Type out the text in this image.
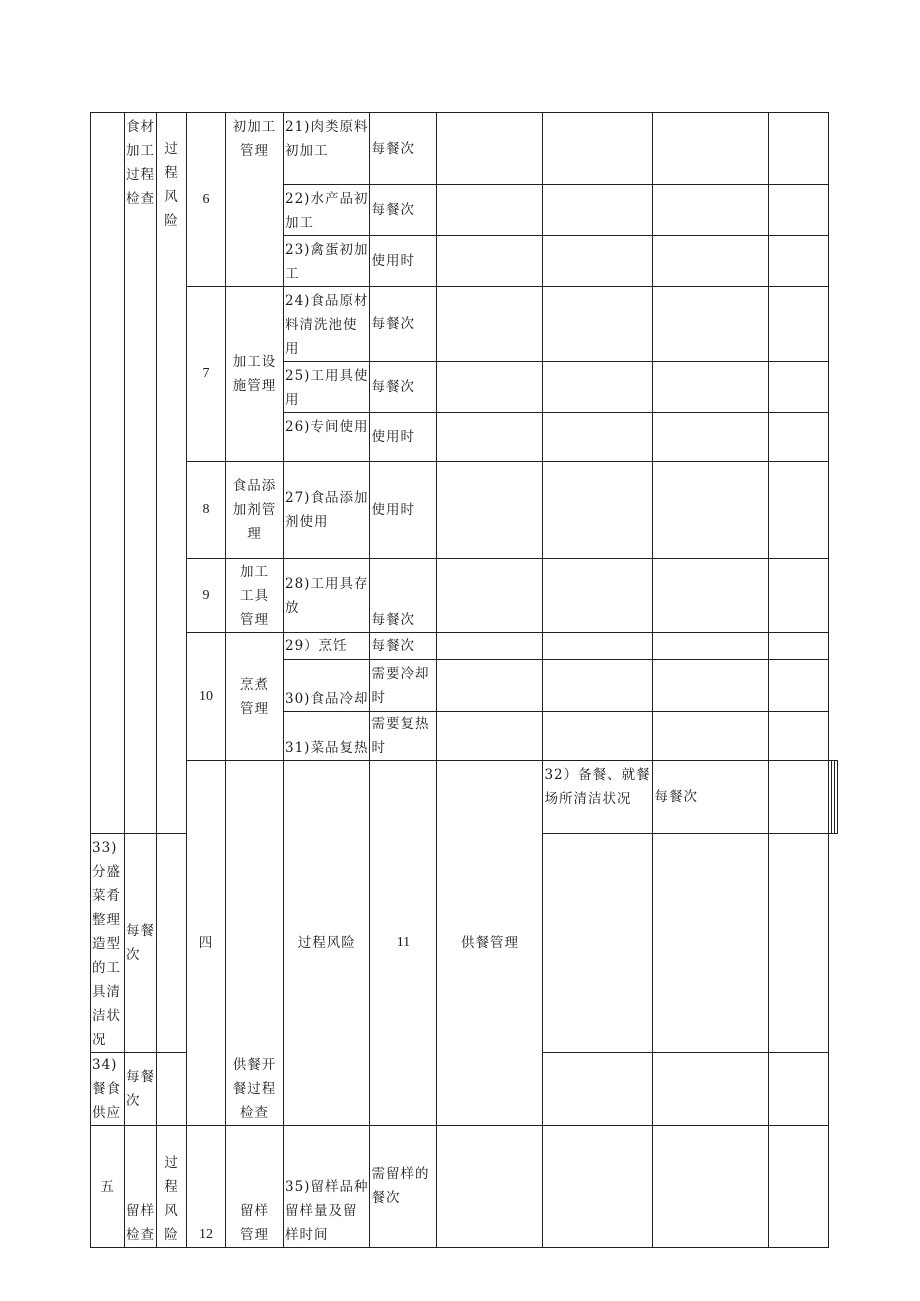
	食材加工过程检查	过程风险	6	初加工管理	21)肉类原料初加工	每餐次							
					22)水产品初加工	每餐次							
					23)禽蛋初加工	使用时							
			7	加工设施管理	24)食品原材料清洗池使用	每餐次							
					25)工用具使用	每餐次							
					26)专间使用	使用时							
			8	食品添加剂管理	27)食品添加剂使用	使用时							
			9	加工工具管理	28)工用具存放	每餐次							
			10	烹煮管理	29）烹饪	每餐次							
					30)食品冷却	需要冷却时							
					31)菜品复热	需要复热时							
			四	供餐开餐过程检查	过程风险	11	供餐管理	32）备餐、就餐场所清洁状况	每餐次				
33)分盛菜肴整理造型的工具清洁状况	每餐次												
34)餐食供应	每餐次												
五	留样检查	过程风险	12	留样管理	35)留样品种留样量及留样时间	需留样的餐次							
